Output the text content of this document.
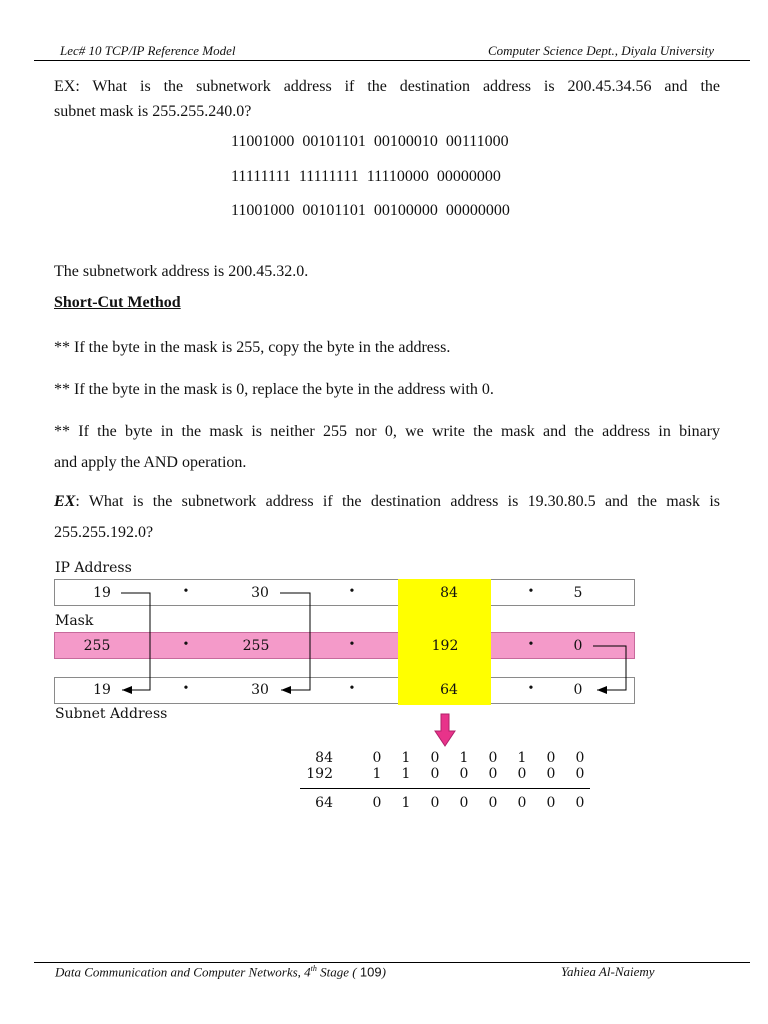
Lec# 10 TCP/IP Reference Model	Computer Science Dept., Diyala University
EX: What is the subnetwork address if the destination address is 200.45.34.56 and the
subnet mask is 255.255.240.0?
11001000 00101101 00100010 00111000
11111111 11111111 11110000 00000000
11001000 00101101 00100000 00000000
The subnetwork address is 200.45.32.0.
Short-Cut Method
** If the byte in the mask is 255, copy the byte in the address.
** If the byte in the mask is 0, replace the byte in the address with 0.
** If the byte in the mask is neither 255 nor 0, we write the mask and the address in binary
and apply the AND operation.
EX: What is the subnetwork address if the destination address is 19.30.80.5 and the mask is
255.255.192.0?
IP Address
Mask
Subnet Address
19	30	84	5
255	255	192	0
19	30	64	0
•	•	•
•	•	•
•	•	•
84	0 1 0 1 0 1 0 0
192	1 1 0 0 0 0 0 0
64	0 1 0 0 0 0 0 0
Data Communication and Computer Networks, 4th Stage ( 109)	Yahiea Al-Naiemy
